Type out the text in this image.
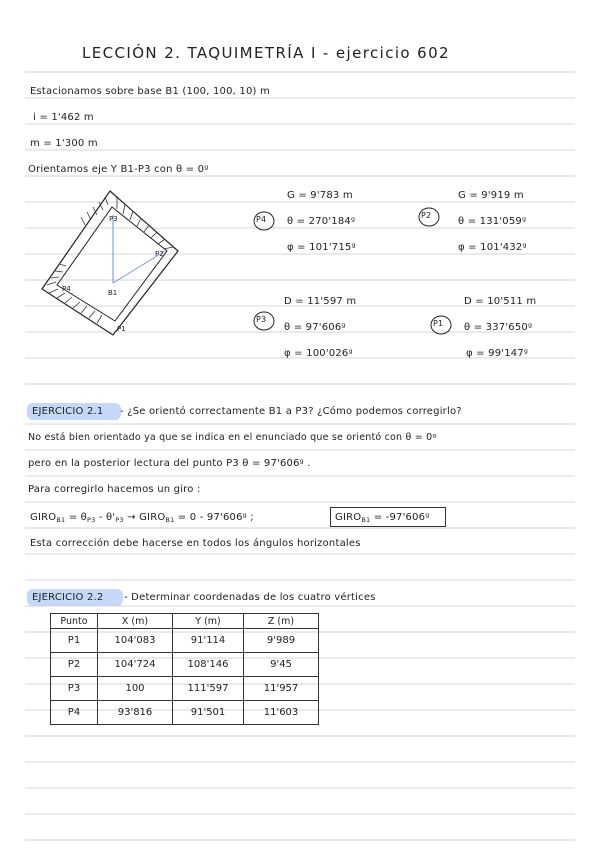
LECCIÓN 2. TAQUIMETRÍA I - ejercicio 602
Estacionamos sobre base B1 (100, 100, 10) m
i = 1'462 m
m = 1'300 m
Orientamos eje Y B1-P3 con θ = 0ᵍ
P3
P2
P4	B1
P1
P4
G = 9'783 m
θ = 270'184ᵍ
φ = 101'715ᵍ
P2
G = 9'919 m
θ = 131'059ᵍ
φ = 101'432ᵍ
P3
D = 11'597 m
θ = 97'606ᵍ
φ = 100'026ᵍ
P1
D = 10'511 m
θ = 337'650ᵍ
φ = 99'147ᵍ
EJERCICIO 2.1 - ¿Se orientó correctamente B1 a P3? ¿Cómo podemos corregirlo?
No está bien orientado ya que se indica en el enunciado que se orientó con θ = 0ᵍ
pero en la posterior lectura del punto P3 θ = 97'606ᵍ .
Para corregirlo hacemos un giro :
$GIRO_{B1} = \theta_{P3} - \theta'_{P3}$ → $GIRO_{B1} = 0$ - 97'606ᵍ ;	$GIRO_{B1}$ = -97'606ᵍ
Esta corrección debe hacerse en todos los ángulos horizontales
EJERCICIO 2.2 - Determinar coordenadas de los cuatro vértices
Punto	X (m)	Y (m)	Z (m)
P1	104'083	91'114	9'989
P2	104'724	108'146	9'45
P3	100	111'597	11'957
P4	93'816	91'501	11'603
